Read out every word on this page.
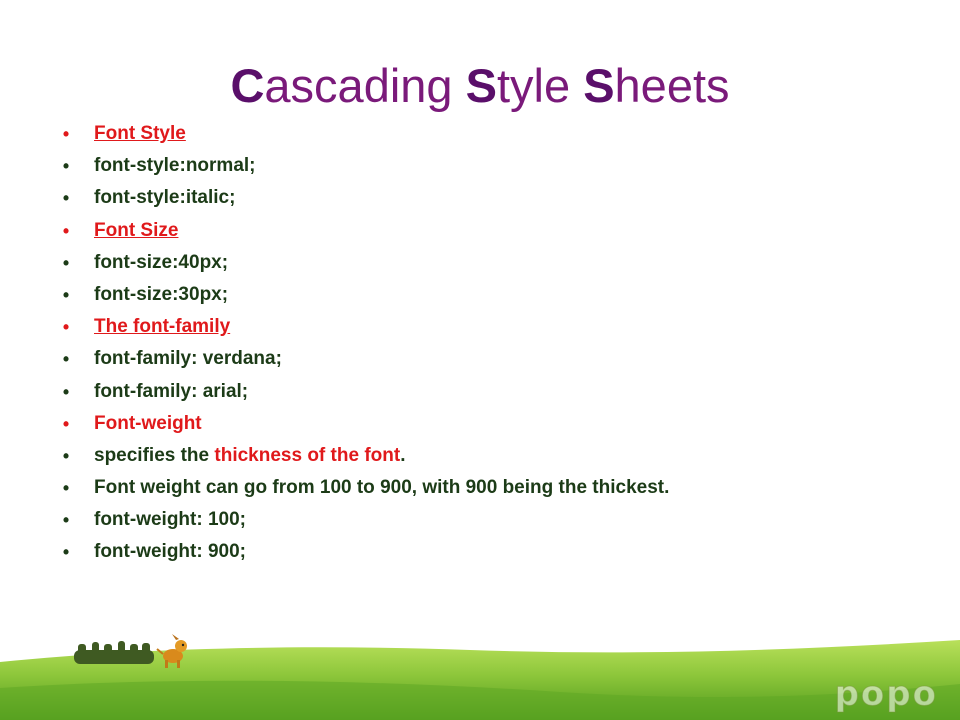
Cascading Style Sheets
•	Font Style
•	font-style:normal;
•	font-style:italic;
•	Font Size
•	font-size:40px;
•	font-size:30px;
•	The font-family
•	font-family: verdana;
•	font-family: arial;
•	Font-weight
•	specifies the thickness of the font.
•	Font weight can go from 100 to 900, with 900 being the thickest.
•	font-weight: 100;
•	font-weight: 900;
popo
